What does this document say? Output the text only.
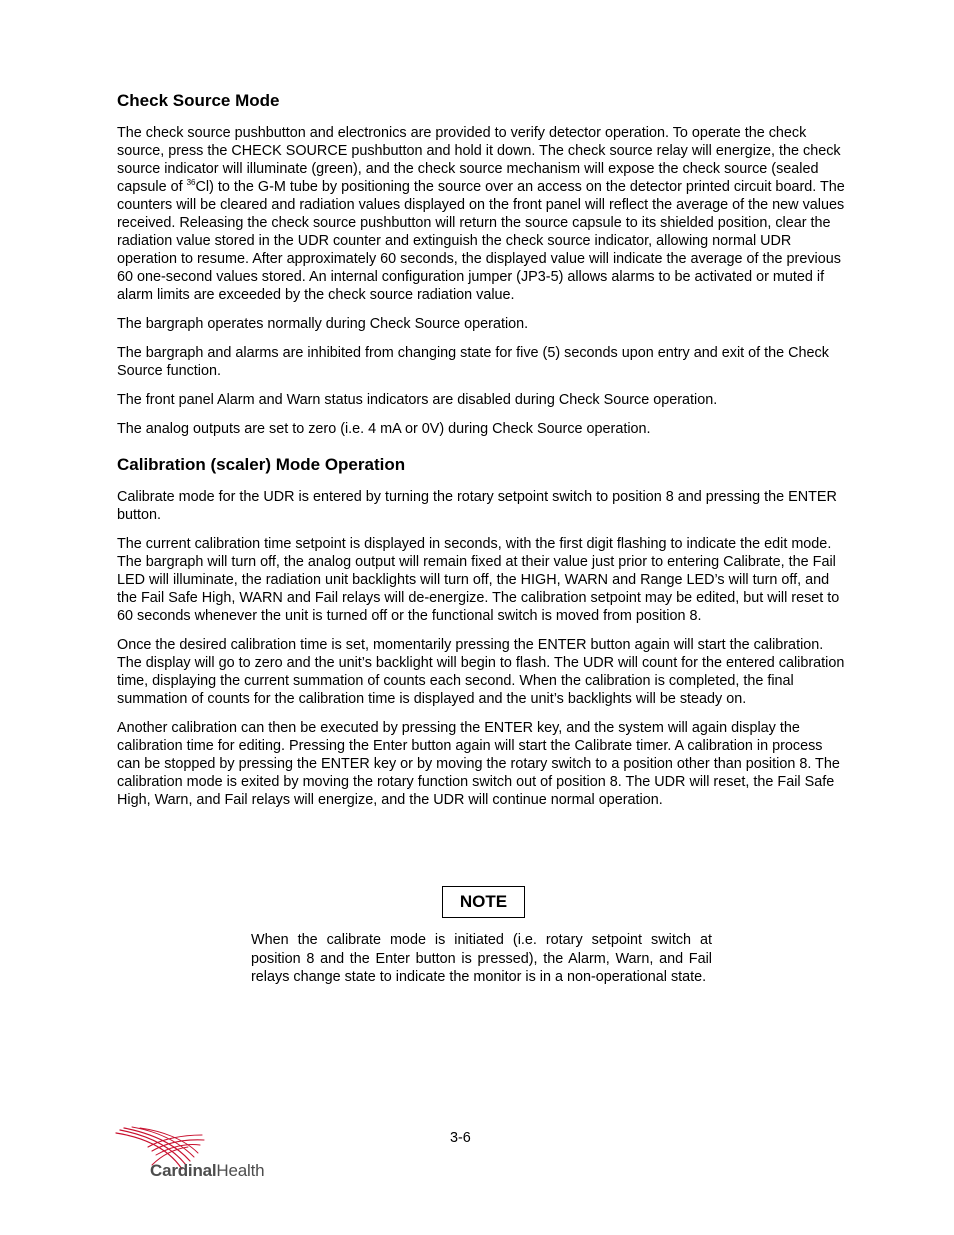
Check Source Mode

The check source pushbutton and electronics are provided to verify detector operation. To operate the check source, press the CHECK SOURCE pushbutton and hold it down. The check source relay will energize, the check source indicator will illuminate (green), and the check source mechanism will expose the check source (sealed capsule of $^{36}$Cl) to the G-M tube by positioning the source over an access on the detector printed circuit board. The counters will be cleared and radiation values displayed on the front panel will reflect the average of the new values received. Releasing the check source pushbutton will return the source capsule to its shielded position, clear the radiation value stored in the UDR counter and extinguish the check source indicator, allowing normal UDR operation to resume. After approximately 60 seconds, the displayed value will indicate the average of the previous 60 one-second values stored. An internal configuration jumper (JP3-5) allows alarms to be activated or muted if alarm limits are exceeded by the check source radiation value.

The bargraph operates normally during Check Source operation.

The bargraph and alarms are inhibited from changing state for five (5) seconds upon entry and exit of the Check Source function.

The front panel Alarm and Warn status indicators are disabled during Check Source operation.

The analog outputs are set to zero (i.e. 4 mA or 0V) during Check Source operation.

Calibration (scaler) Mode Operation

Calibrate mode for the UDR is entered by turning the rotary setpoint switch to position 8 and pressing the ENTER button.

The current calibration time setpoint is displayed in seconds, with the first digit flashing to indicate the edit mode. The bargraph will turn off, the analog output will remain fixed at their value just prior to entering Calibrate, the Fail LED will illuminate, the radiation unit backlights will turn off, the HIGH, WARN and Range LED’s will turn off, and the Fail Safe High, WARN and Fail relays will de-energize. The calibration setpoint may be edited, but will reset to 60 seconds whenever the unit is turned off or the functional switch is moved from position 8.

Once the desired calibration time is set, momentarily pressing the ENTER button again will start the calibration. The display will go to zero and the unit’s backlight will begin to flash. The UDR will count for the entered calibration time, displaying the current summation of counts each second. When the calibration is completed, the final summation of counts for the calibration time is displayed and the unit’s backlights will be steady on.

Another calibration can then be executed by pressing the ENTER key, and the system will again display the calibration time for editing. Pressing the Enter button again will start the Calibrate timer. A calibration in process can be stopped by pressing the ENTER key or by moving the rotary switch to a position other than position 8. The calibration mode is exited by moving the rotary function switch out of position 8. The UDR will reset, the Fail Safe High, Warn, and Fail relays will energize, and the UDR will continue normal operation.

NOTE

When the calibrate mode is initiated (i.e. rotary setpoint switch at position 8 and the Enter button is pressed), the Alarm, Warn, and Fail relays change state to indicate the monitor is in a non-operational state.

3-6
CardinalHealth
